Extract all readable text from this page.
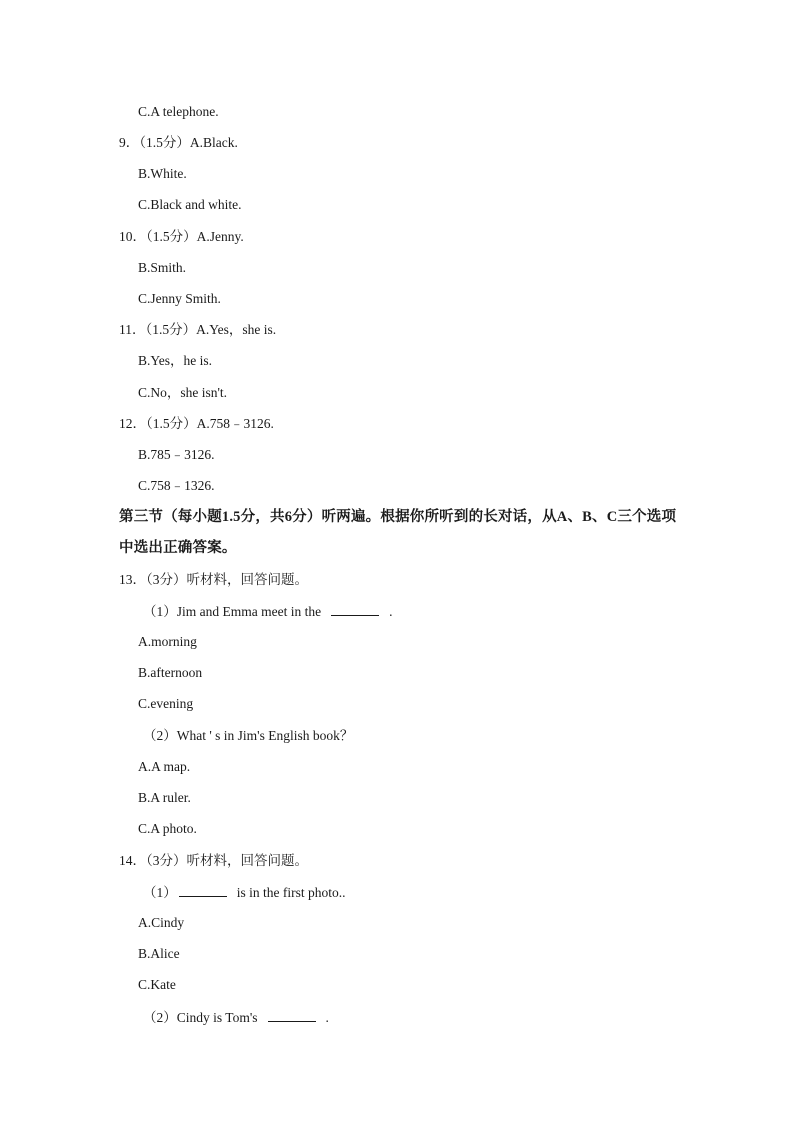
C.A telephone.
9．（1.5分）A.Black.
B.White.
C.Black and white.
10．（1.5分）A.Jenny.
B.Smith.
C.Jenny Smith.
11．（1.5分）A.Yes，she is.
B.Yes，he is.
C.No，she isn't.
12．（1.5分）A.758﹣3126.
B.785﹣3126.
C.758﹣1326.
第三节（每小题1.5分，共6分）听两遍。根据你所听到的长对话，从A、B、C三个选项
中选出正确答案。
13．（3分）听材料，回答问题。
（1）Jim and Emma meet in the	.
A.morning
B.afternoon
C.evening
（2）What ' s in Jim's English book？
A.A map.
B.A ruler.
C.A photo.
14．（3分）听材料，回答问题。
（1）	is in the first photo..
A.Cindy
B.Alice
C.Kate
（2）Cindy is Tom's	.
